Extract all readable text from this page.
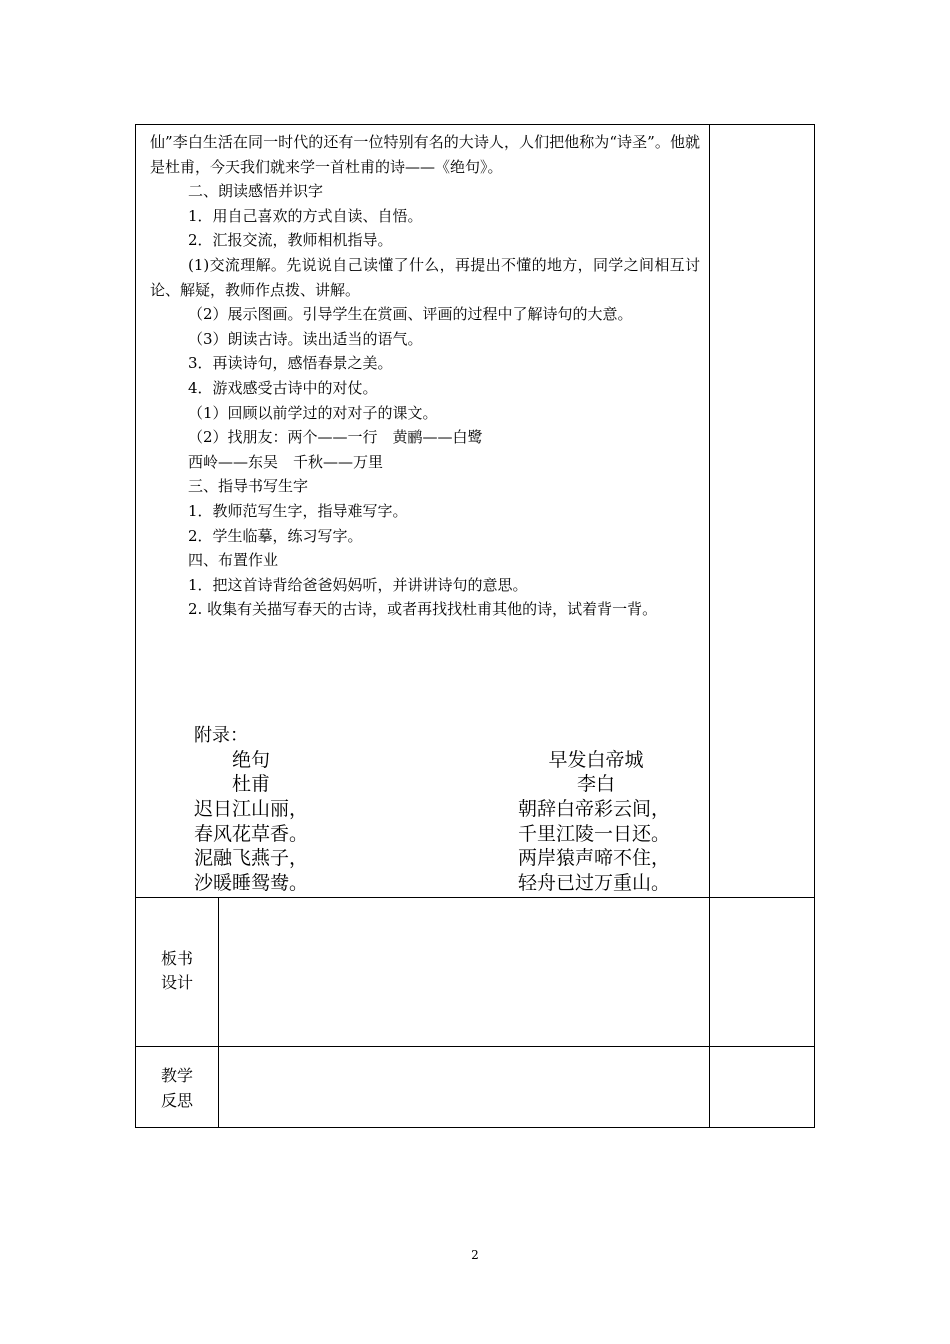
仙”李白生活在同一时代的还有一位特别有名的大诗人，人们把他称为“诗圣”。他就是杜甫，今天我们就来学一首杜甫的诗——《绝句》。

二、朗读感悟并识字

1．用自己喜欢的方式自读、自悟。

2．汇报交流，教师相机指导。

(1)交流理解。先说说自己读懂了什么，再提出不懂的地方，同学之间相互讨论、解疑，教师作点拨、讲解。

（2）展示图画。引导学生在赏画、评画的过程中了解诗句的大意。

（3）朗读古诗。读出适当的语气。

3．再读诗句，感悟春景之美。

4．游戏感受古诗中的对仗。

（1）回顾以前学过的对对子的课文。

（2）找朋友：两个——一行　黄鹂——白鹭

西岭——东吴　千秋——万里

三、指导书写生字

1．教师范写生字，指导难写字。

2．学生临摹，练习写字。

四、布置作业

1．把这首诗背给爸爸妈妈听，并讲讲诗句的意思。

2. 收集有关描写春天的古诗，或者再找找杜甫其他的诗，试着背一背。

附录：
绝句
杜甫
迟日江山丽，
春风花草香。
泥融飞燕子，
沙暖睡鸳鸯。
早发白帝城
李白
朝辞白帝彩云间，
千里江陵一日还。
两岸猿声啼不住，
轻舟已过万重山。
板书
设计
教学
反思
2
